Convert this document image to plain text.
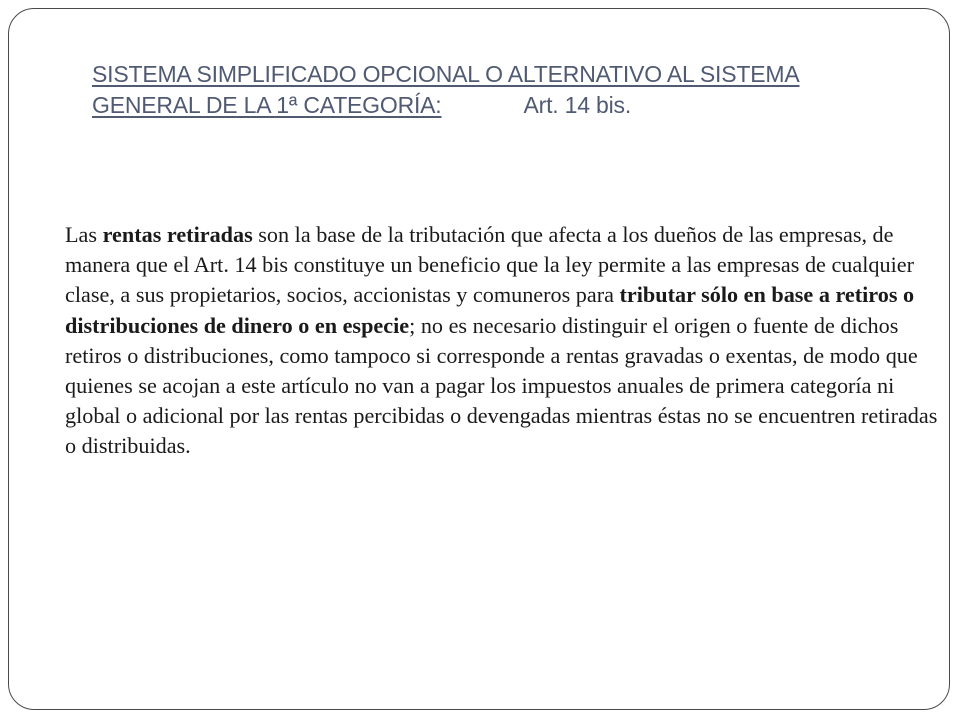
SISTEMA SIMPLIFICADO OPCIONAL O ALTERNATIVO AL SISTEMA GENERAL DE LA 1ª CATEGORÍA:	Art. 14 bis.

Las rentas retiradas son la base de la tributación que afecta a los dueños de las empresas, de manera que el Art. 14 bis constituye un beneficio que la ley permite a las empresas de cualquier clase, a sus propietarios, socios, accionistas y comuneros para tributar sólo en base a retiros o distribuciones de dinero o en especie; no es necesario distinguir el origen o fuente de dichos retiros o distribuciones, como tampoco si corresponde a rentas gravadas o exentas, de modo que quienes se acojan a este artículo no van a pagar los impuestos anuales de primera categoría ni global o adicional por las rentas percibidas o devengadas mientras éstas no se encuentren retiradas o distribuidas.
